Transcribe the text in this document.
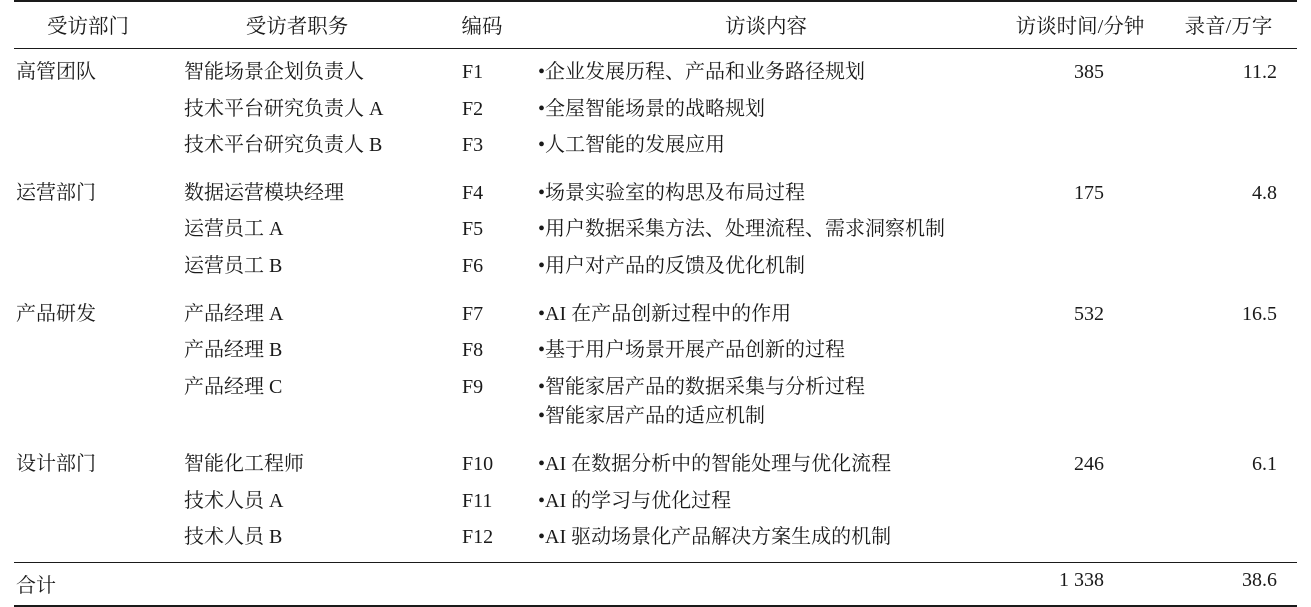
受访部门	受访者职务	编码	访谈内容	访谈时间/分钟	录音/万字
高管团队	智能场景企划负责人	F1	•企业发展历程、产品和业务路径规划	385	11.2
	技术平台研究负责人 A	F2	•全屋智能场景的战略规划		

	技术平台研究负责人 B	F3	•人工智能的发展应用		

运营部门	数据运营模块经理	F4	•场景实验室的构思及布局过程	175	4.8
	运营员工 A	F5	•用户数据采集方法、处理流程、需求洞察机制		

	运营员工 B	F6	•用户对产品的反馈及优化机制		

产品研发	产品经理 A	F7	•AI 在产品创新过程中的作用	532	16.5
	产品经理 B	F8	•基于用户场景开展产品创新的过程		

	产品经理 C	F9	•智能家居产品的数据采集与分析过程
•智能家居产品的适应机制		

设计部门	智能化工程师	F10	•AI 在数据分析中的智能处理与优化流程	246	6.1
	技术人员 A	F11	•AI 的学习与优化过程		

	技术人员 B	F12	•AI 驱动场景化产品解决方案生成的机制		

合计				1 338	38.6
